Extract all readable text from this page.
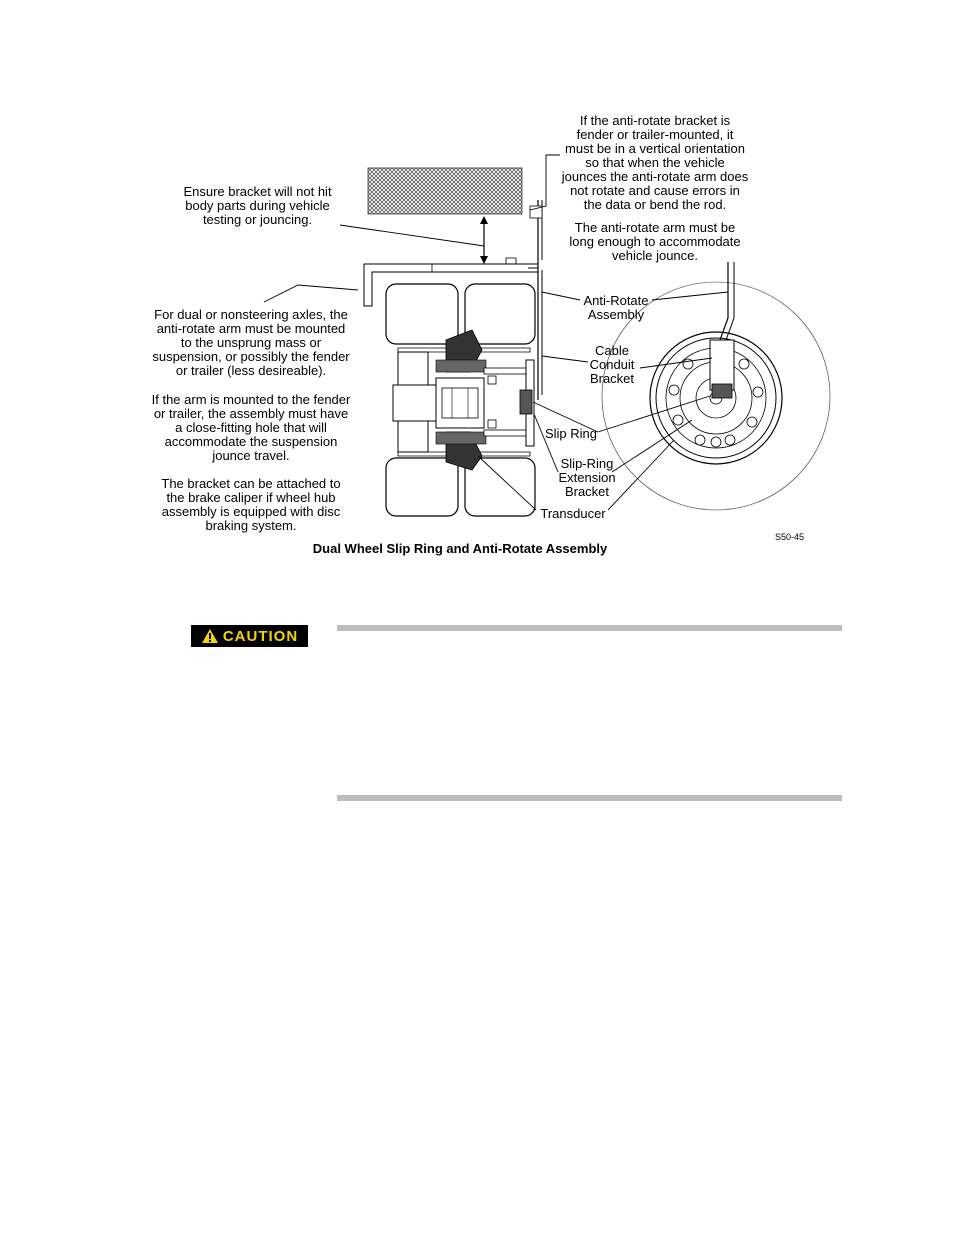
Ensure bracket will not hit
body parts during vehicle
testing or jouncing.
For dual or nonsteering axles, the
anti-rotate arm must be mounted
to the unsprung mass or
suspension, or possibly the fender
or trailer (less desireable).
If the arm is mounted to the fender
or trailer, the assembly must have
a close-fitting hole that will
accommodate the suspension
jounce travel.
The bracket can be attached to
the brake caliper if wheel hub
assembly is equipped with disc
braking system.
If the anti-rotate bracket is
fender or trailer-mounted, it
must be in a vertical orientation
so that when the vehicle
jounces the anti-rotate arm does
not rotate and cause errors in
the data or bend the rod.
The anti-rotate arm must be
long enough to accommodate
vehicle jounce.
Anti-Rotate
Assembly
Cable
Conduit
Bracket
Slip Ring
Slip-Ring
Extension
Bracket
Transducer
S50-45
Dual Wheel Slip Ring and Anti-Rotate Assembly
CAUTION
